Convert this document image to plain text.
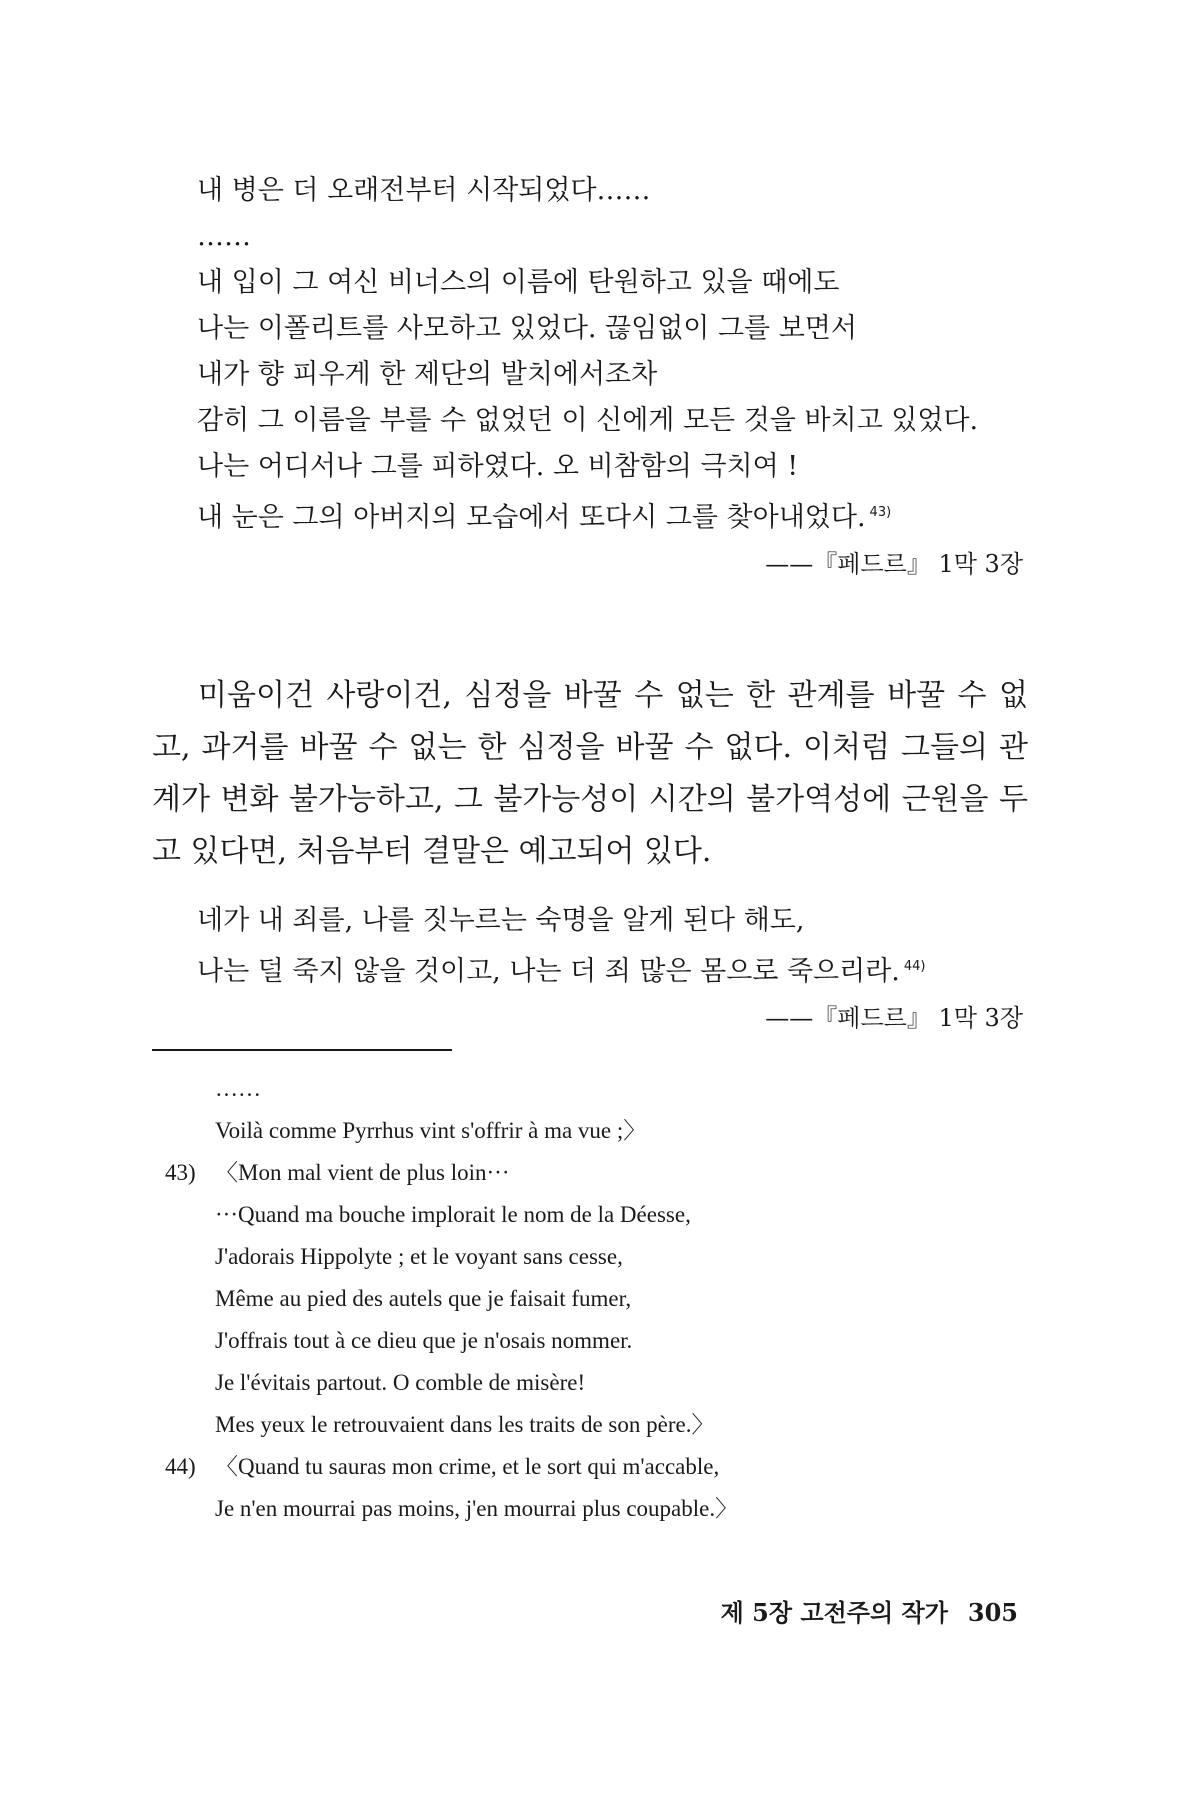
내 병은 더 오래전부터 시작되었다……
……
내 입이 그 여신 비너스의 이름에 탄원하고 있을 때에도
나는 이폴리트를 사모하고 있었다. 끊임없이 그를 보면서
내가 향 피우게 한 제단의 발치에서조차
감히 그 이름을 부를 수 없었던 이 신에게 모든 것을 바치고 있었다.
나는 어디서나 그를 피하였다. 오 비참함의 극치여 !
내 눈은 그의 아버지의 모습에서 또다시 그를 찾아내었다. $^{43)}$
——『페드르』 1막 3장

미움이건 사랑이건, 심정을 바꿀 수 없는 한 관계를 바꿀 수 없고, 과거를 바꿀 수 없는 한 심정을 바꿀 수 없다. 이처럼 그들의 관계가 변화 불가능하고, 그 불가능성이 시간의 불가역성에 근원을 두고 있다면, 처음부터 결말은 예고되어 있다.

네가 내 죄를, 나를 짓누르는 숙명을 알게 된다 해도,
나는 덜 죽지 않을 것이고, 나는 더 죄 많은 몸으로 죽으리라. $^{44)}$
——『페드르』 1막 3장
……
Voilà comme Pyrrhus vint s'offrir à ma vue ;〉
43) 〈Mon mal vient de plus loin···
···Quand ma bouche implorait le nom de la Déesse,
J'adorais Hippolyte ; et le voyant sans cesse,
Même au pied des autels que je faisait fumer,
J'offrais tout à ce dieu que je n'osais nommer.
Je l'évitais partout. O comble de misère!
Mes yeux le retrouvaient dans les traits de son père.〉
44) 〈Quand tu sauras mon crime, et le sort qui m'accable,
Je n'en mourrai pas moins, j'en mourrai plus coupable.〉
제 5장 고전주의 작가 305
